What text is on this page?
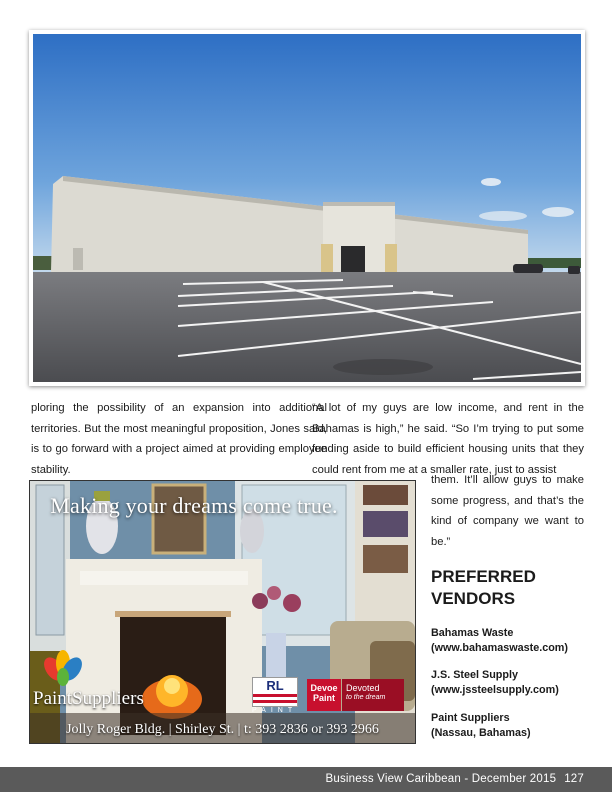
ploring the possibility of an expansion into additional territories. But the most meaningful proposition, Jones said, is to go forward with a project aimed at providing employee stability.

“A lot of my guys are low income, and rent in the Bahamas is high,” he said. “So I’m trying to put some funding aside to build efficient housing units that they could rent from me at a smaller rate, just to assist

them. It’ll allow guys to make some progress, and that’s the kind of company we want to be.”

Making your dreams come true.
PaintSuppliers
RL
PAINT
Devoe Paint
Devoted
to the dream
Jolly Roger Bldg. | Shirley St. | t: 393 2836 or 393 2966
PREFERRED
VENDORS
Bahamas Waste
(www.bahamaswaste.com)
J.S. Steel Supply
(www.jssteelsupply.com)
Paint Suppliers
(Nassau, Bahamas)
Business View Caribbean - December 2015 127
